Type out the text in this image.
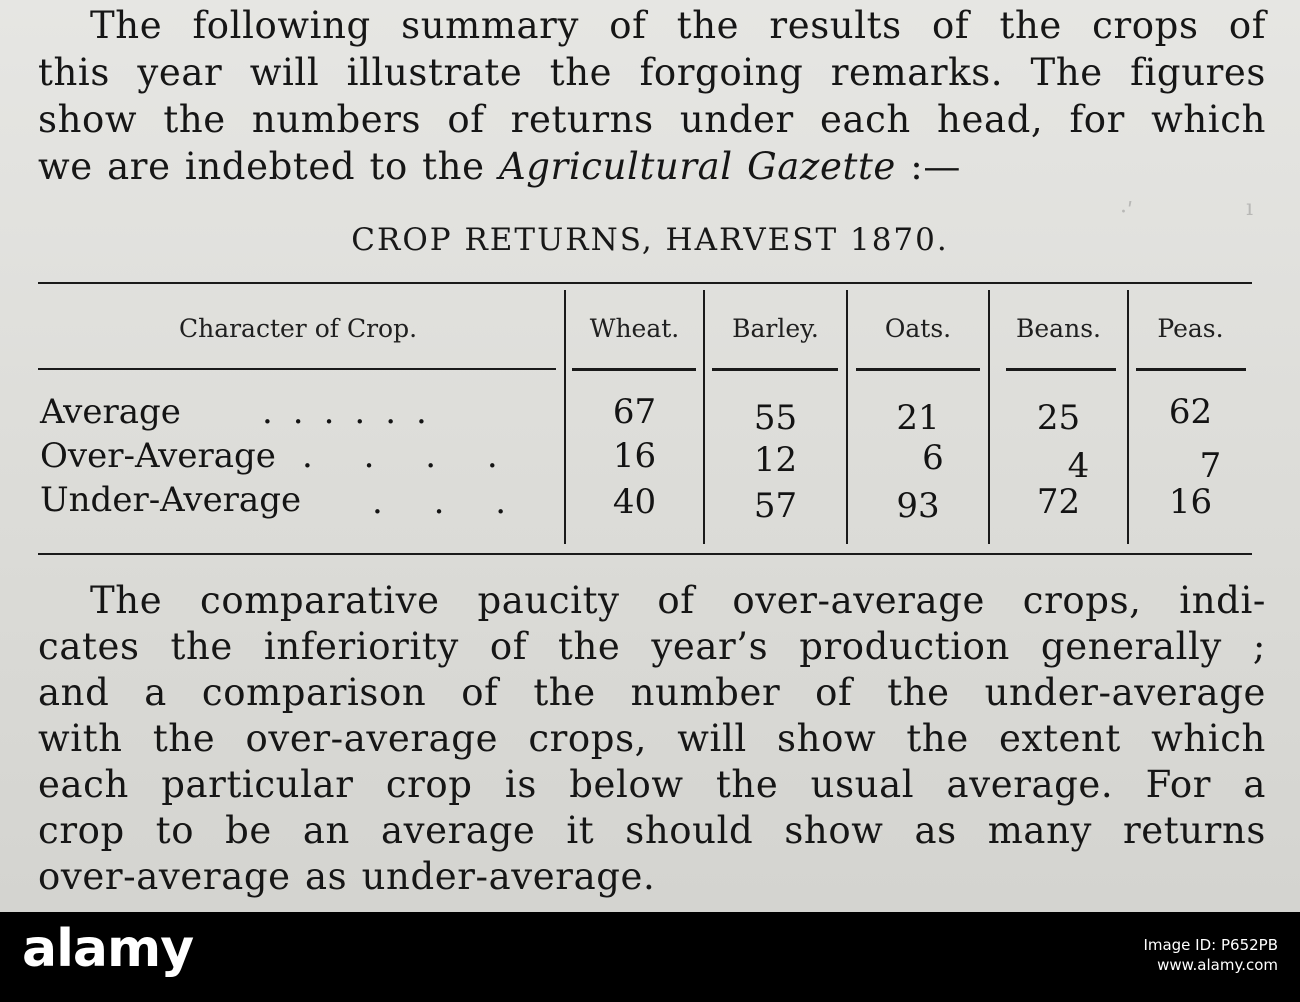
The following summary of the results of the crops of
this year will illustrate the forgoing remarks. The figures
show the numbers of returns under each head, for which
we are indebted to the Agricultural Gazette :—
·ʹ	ı
CROP RETURNS, HARVEST 1870.
Character of Crop.	Wheat.	Barley.	Oats.	Beans.	Peas.
Average ......	67	55	21	25	62
Over-Average . . . .	16	12	6	4	7
Under-Average . . .	40	57	93	72	16
The comparative paucity of over-average crops, indi-
cates the inferiority of the year’s production generally ;
and a comparison of the number of the under-average
with the over-average crops, will show the extent which
each particular crop is below the usual average. For a
crop to be an average it should show as many returns
over-average as under-average.
alamy	Image ID: P652PB
www.alamy.com
